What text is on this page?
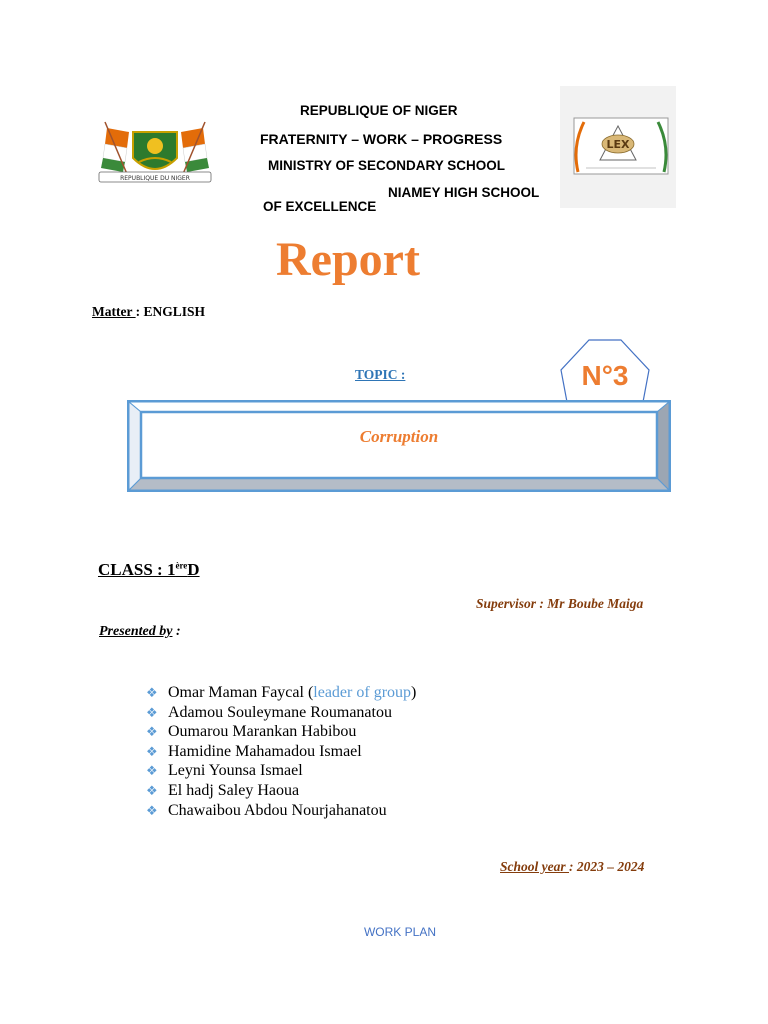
REPUBLIQUE DU NIGER
LEX
REPUBLIQUE OF NIGER
FRATERNITY – WORK – PROGRESS
MINISTRY OF SECONDARY SCHOOL
NIAMEY HIGH SCHOOL
OF EXCELLENCE
Report
Matter : ENGLISH
TOPIC :	N°3
Corruption
CLASS : 1èreD
Supervisor : Mr Boube Maiga
Presented by :
❖ Omar Maman Faycal ( leader of group )
❖ Adamou Souleymane Roumanatou
❖ Oumarou Marankan Habibou
❖ Hamidine Mahamadou Ismael
❖ Leyni Younsa Ismael
❖ El hadj Saley Haoua
❖ Chawaibou Abdou Nourjahanatou
School year : 2023 – 2024
WORK PLAN
